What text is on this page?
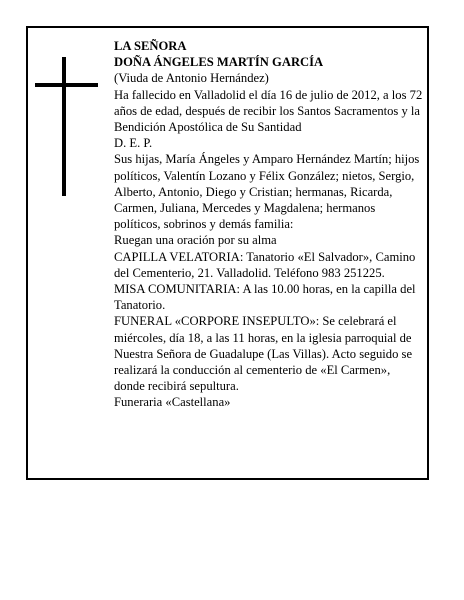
LA SEÑORA

DOÑA ÁNGELES MARTÍN GARCÍA

(Viuda de Antonio Hernández)

Ha fallecido en Valladolid el día 16 de julio de 2012, a los 72 años de edad, después de recibir los Santos Sacramentos y la Bendición Apostólica de Su Santidad

D. E. P.

Sus hijas, María Ángeles y Amparo Hernández Martín; hijos políticos, Valentín Lozano y Félix González; nietos, Sergio, Alberto, Antonio, Diego y Cristian; hermanas, Ricarda, Carmen, Juliana, Mercedes y Magdalena; hermanos políticos, sobrinos y demás familia:

Ruegan una oración por su alma

CAPILLA VELATORIA: Tanatorio «El Salvador», Camino del Cementerio, 21. Valladolid. Teléfono 983 251225.

MISA COMUNITARIA: A las 10.00 horas, en la capilla del Tanatorio.

FUNERAL «CORPORE INSEPULTO»: Se celebrará el miércoles, día 18, a las 11 horas, en la iglesia parroquial de Nuestra Señora de Guadalupe (Las Villas). Acto seguido se realizará la conducción al cementerio de «El Carmen», donde recibirá sepultura.

Funeraria «Castellana»
